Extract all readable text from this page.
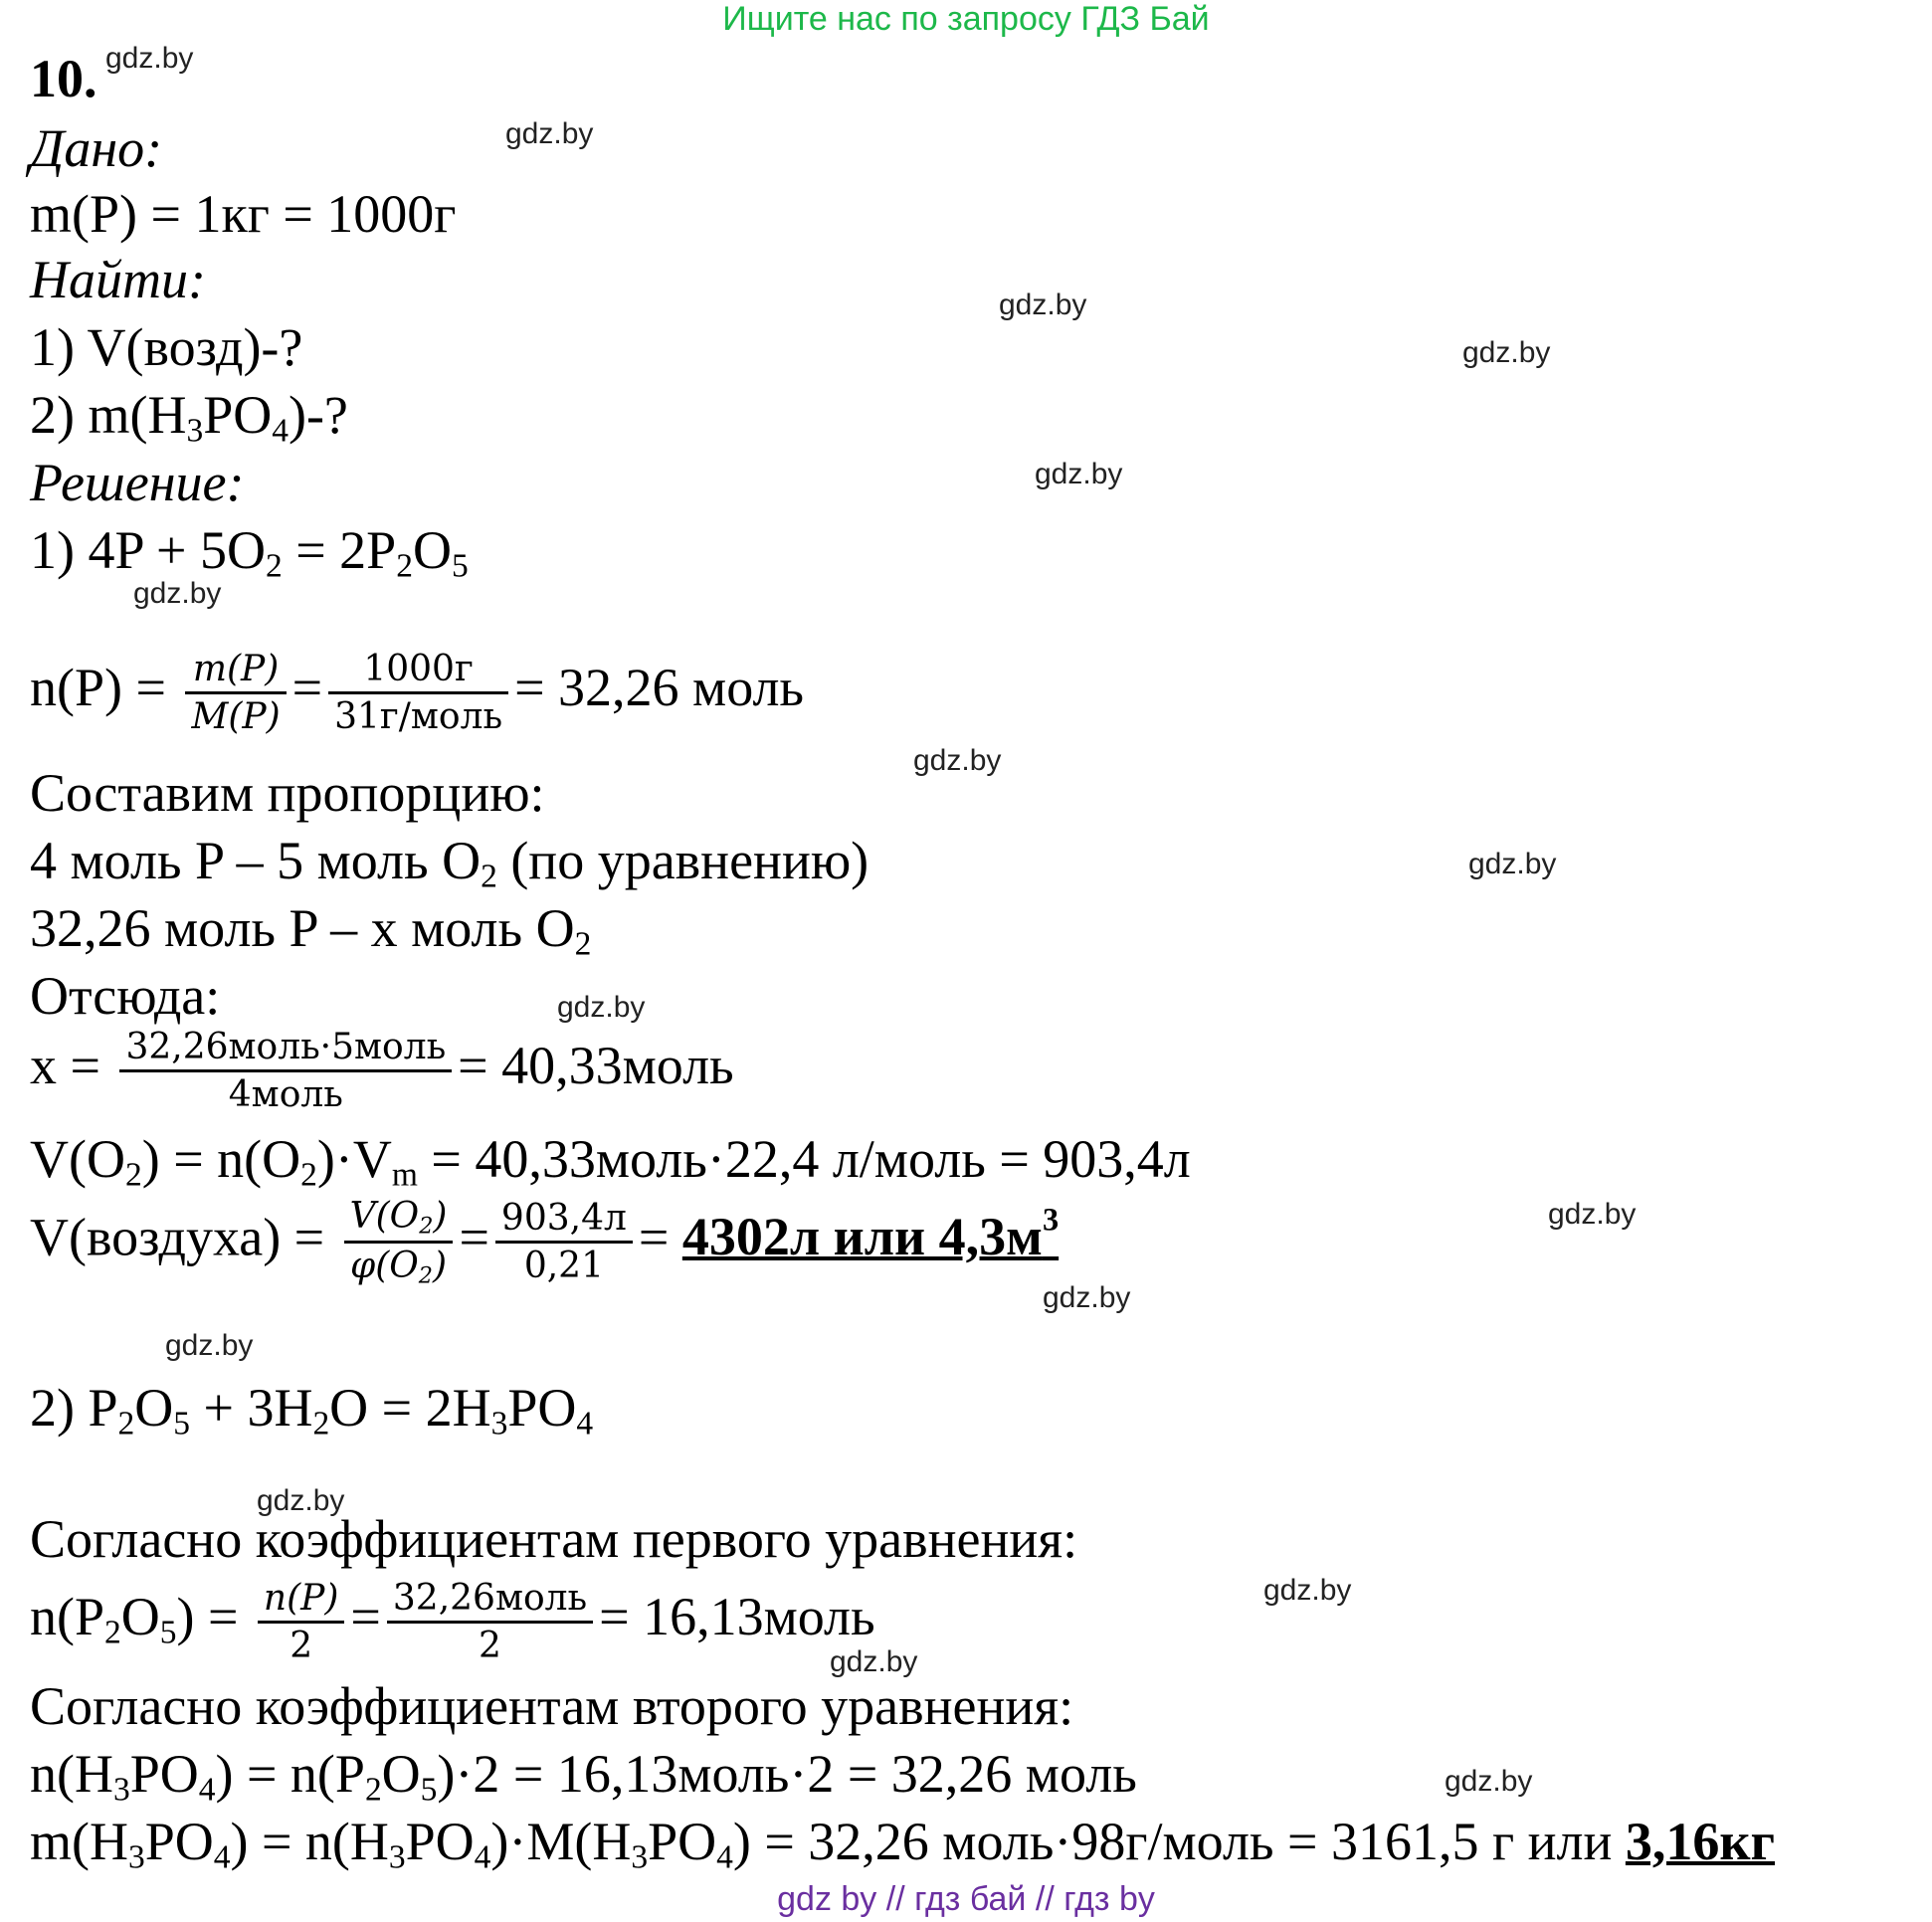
Ищите нас по запросу ГДЗ Бай
gdz.by
gdz.by
gdz.by
gdz.by
gdz.by
gdz.by
gdz.by
gdz.by
gdz.by
gdz.by
gdz.by
gdz.by
gdz.by
gdz.by
gdz.by
gdz.by
10.
Дано:
m(P) = 1кг = 1000г
Найти:
1) V(возд)-?
2) $m(H_3PO_4)-$?
Решение:
1) $4P + 5O_2 = 2P_2O_5$
$n(P) = \frac{m(P)}{M(P)} = \frac{1000г}{\text{31г/моль}} = 32,26$ моль
Составим пропорцию:
4 моль P – 5 моль $O_2$ (по уравнению)
32,26 моль P – x моль $O_2$
Отсюда:
$x = \frac{\text{32,26моль·5моль}}{\text{4моль}}$ = 40,33моль
$V(O_2) = n(O_2)\cdot V_m$ = 40,33моль·22,4 л/моль = 903,4л
V(воздуха) = $\frac{V(O_2)}{\varphi(O_2)} = \frac{903,4л}{0,21} = 4302л$ или $4,3м^3$
2) $P_2O_5 + 3H_2O = 2H_3PO_4$
Согласно коэффициентам первого уравнения:
$n(P_2O_5) = \frac{n(P)}{2} = \frac{\text{32,26моль}}{2}$ = 16,13моль
Согласно коэффициентам второго уравнения:
$n(H_3PO_4) = n(P_2O_5)\cdot 2$ = 16,13моль·2 = 32,26 моль
$m(H_3PO_4) = n(H_3PO_4)\cdot M(H_3PO_4) = 32,26$ моль·98г/моль = 3161,5 г или 3,16кг
gdz by // гдз бай // гдз by
